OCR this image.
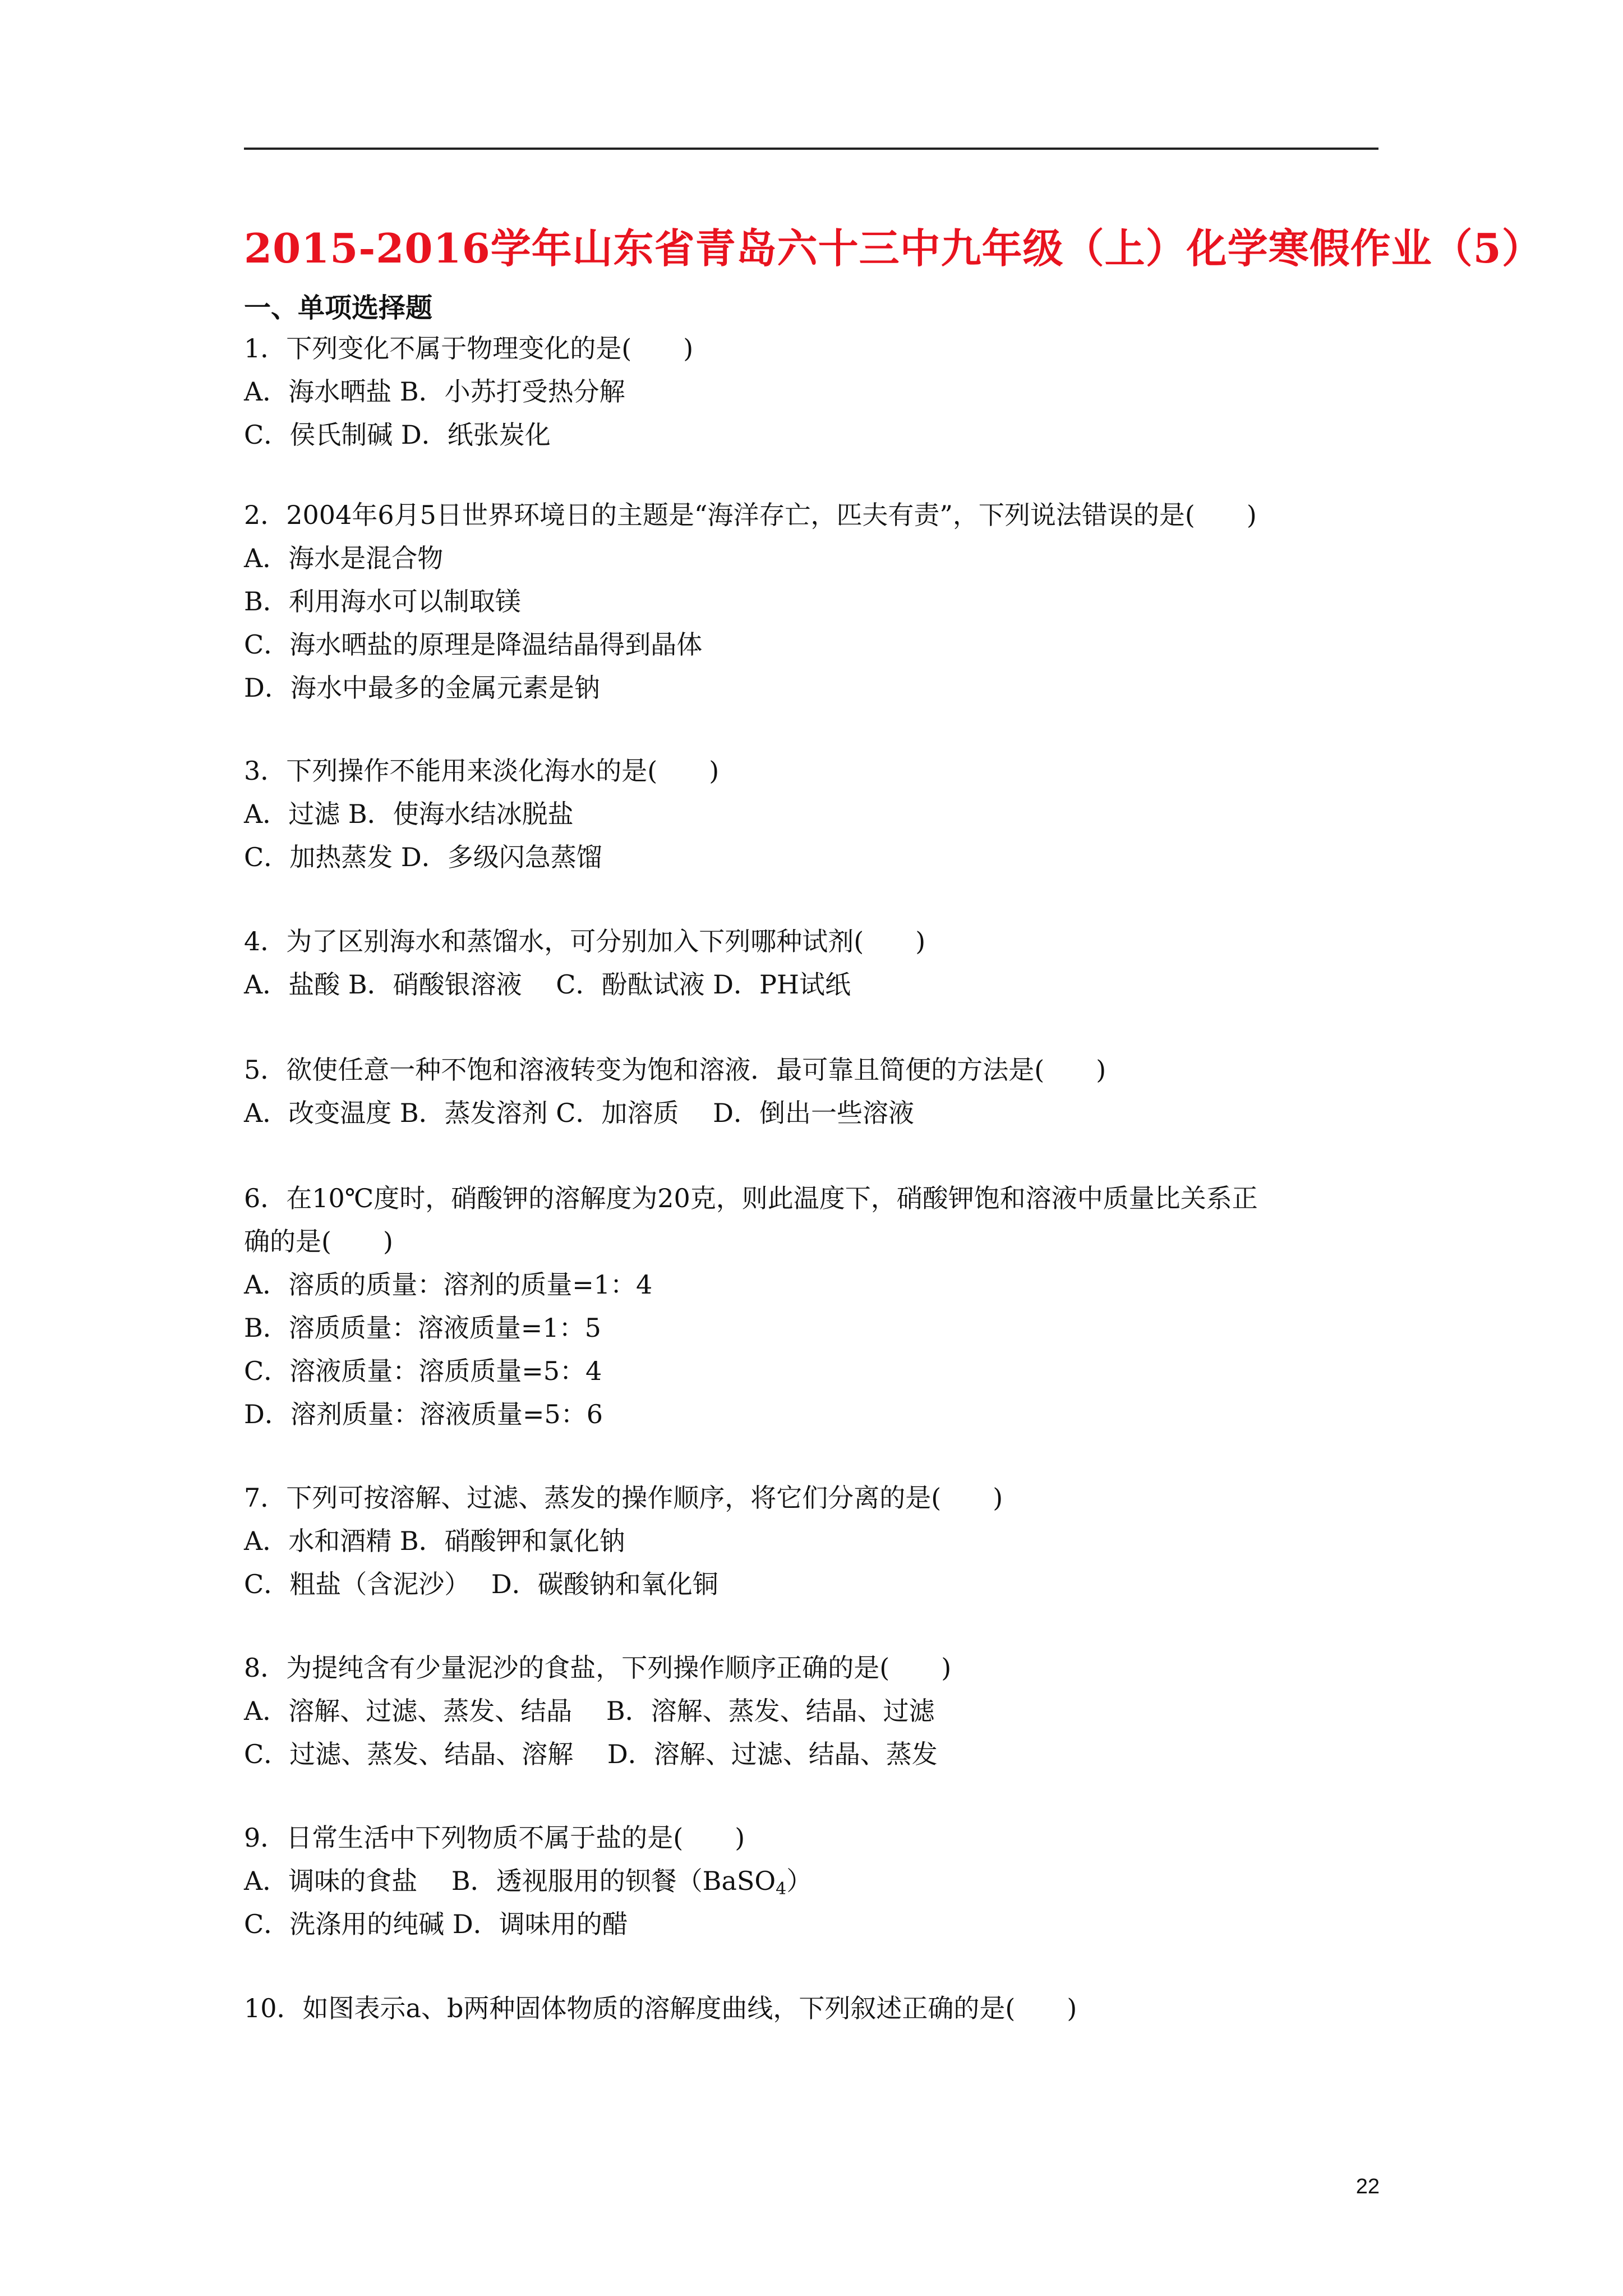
2015-2016学年山东省青岛六十三中九年级（上）化学寒假作业（5）
一、单项选择题
1．下列变化不属于物理变化的是(　　)
A．海水晒盐 B．小苏打受热分解
C．侯氏制碱 D．纸张炭化
2．2004年6月5日世界环境日的主题是“海洋存亡，匹夫有责”，下列说法错误的是(　　)
A．海水是混合物
B．利用海水可以制取镁
C．海水晒盐的原理是降温结晶得到晶体
D．海水中最多的金属元素是钠
3．下列操作不能用来淡化海水的是(　　)
A．过滤 B．使海水结冰脱盐
C．加热蒸发 D．多级闪急蒸馏
4．为了区别海水和蒸馏水，可分别加入下列哪种试剂(　　)
A．盐酸 B．硝酸银溶液　 C．酚酞试液 D．PH试纸
5．欲使任意一种不饱和溶液转变为饱和溶液．最可靠且简便的方法是(　　)
A．改变温度 B．蒸发溶剂 C．加溶质　 D．倒出一些溶液
6．在10℃度时，硝酸钾的溶解度为20克，则此温度下，硝酸钾饱和溶液中质量比关系正
确的是(　　)
A．溶质的质量：溶剂的质量=1：4
B．溶质质量：溶液质量=1：5
C．溶液质量：溶质质量=5：4
D．溶剂质量：溶液质量=5：6
7．下列可按溶解、过滤、蒸发的操作顺序，将它们分离的是(　　)
A．水和酒精 B．硝酸钾和氯化钠
C．粗盐（含泥沙）　 D．碳酸钠和氧化铜
8．为提纯含有少量泥沙的食盐，下列操作顺序正确的是(　　)
A．溶解、过滤、蒸发、结晶　 B．溶解、蒸发、结晶、过滤
C．过滤、蒸发、结晶、溶解　 D．溶解、过滤、结晶、蒸发
9．日常生活中下列物质不属于盐的是(　　)
A．调味的食盐　 B．透视服用的钡餐（BaSO$_4$）
C．洗涤用的纯碱 D．调味用的醋
10．如图表示a、b两种固体物质的溶解度曲线，下列叙述正确的是(　　)
22
